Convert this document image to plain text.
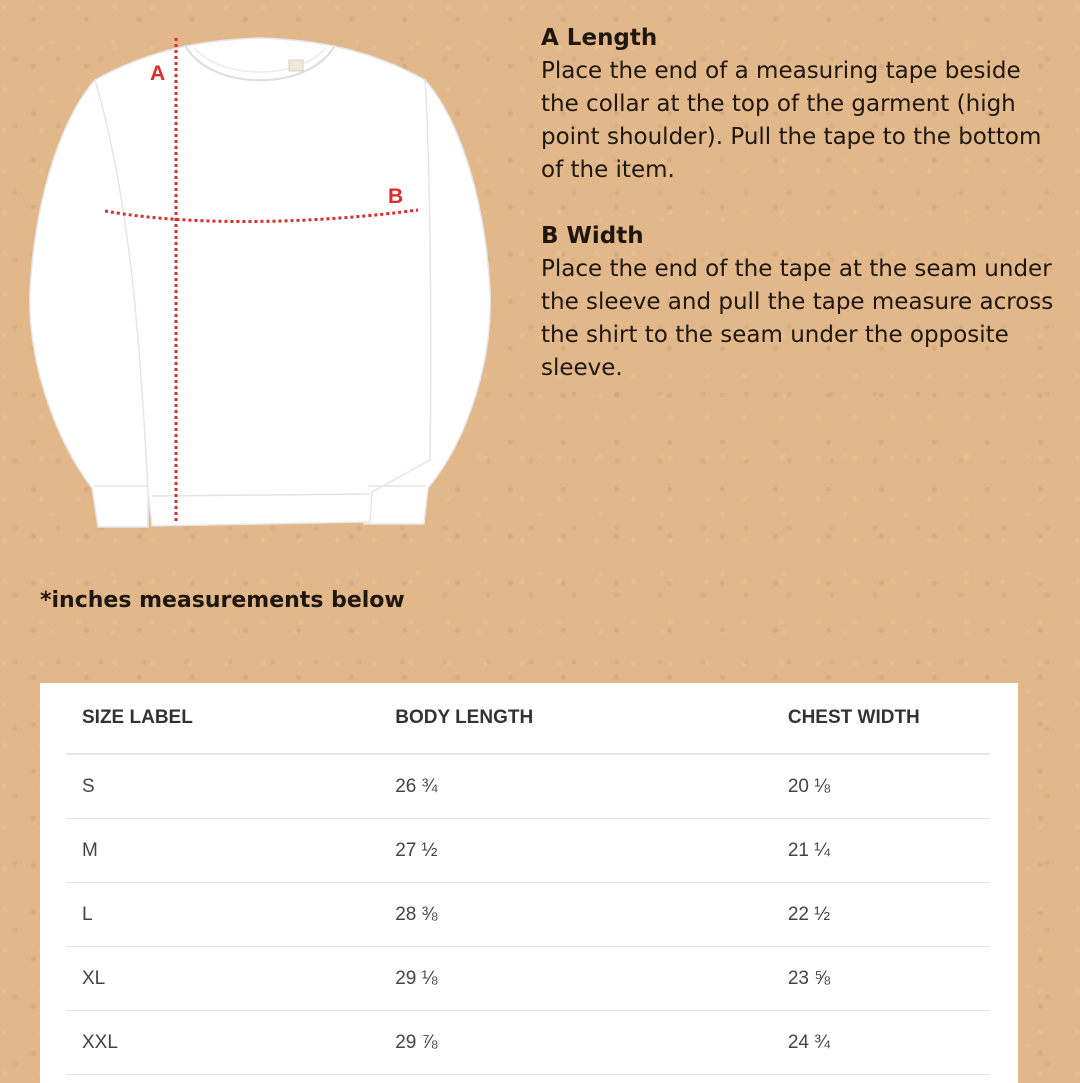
A
B

A Length

Place the end of a measuring tape beside the collar at the top of the garment (high point shoulder). Pull the tape to the bottom of the item.

B Width

Place the end of the tape at the seam under the sleeve and pull the tape measure across the shirt to the seam under the opposite sleeve.

*inches measurements below

SIZE LABEL	BODY LENGTH	CHEST WIDTH
S	26 ¾	20 ⅛
M	27 ½	21 ¼
L	28 ⅜	22 ½
XL	29 ⅛	23 ⅝
XXL	29 ⅞	24 ¾
